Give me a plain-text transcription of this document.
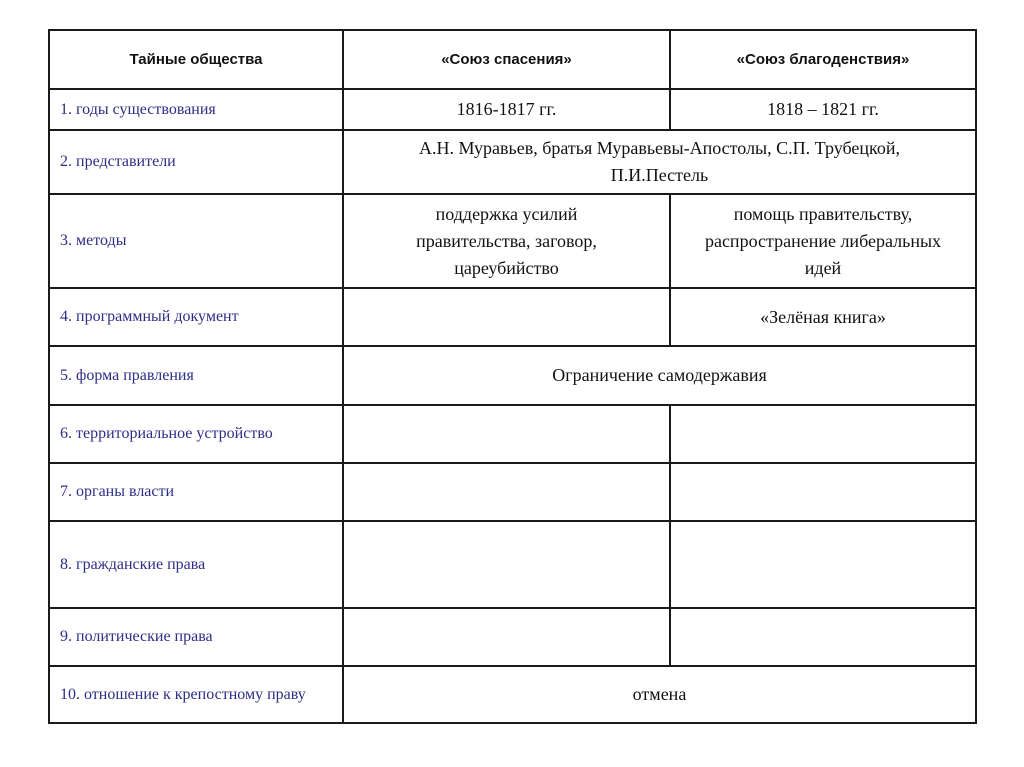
Тайные общества	«Союз спасения»	«Союз благоденствия»
1. годы существования	1816-1817 гг.	1818 – 1821 гг.
2. представители	А.Н. Муравьев, братья Муравьевы-Апостолы, С.П. Трубецкой, П.И.Пестель	
3. методы	поддержка усилий правительства, заговор, цареубийство	помощь правительству, распространение либеральных идей
4. программный документ		«Зелёная книга»
5. форма правления	Ограничение самодержавия	
6. территориальное устройство		
7. органы власти		
8. гражданские права		
9. политические права		
10. отношение к крепостному праву	отмена	
